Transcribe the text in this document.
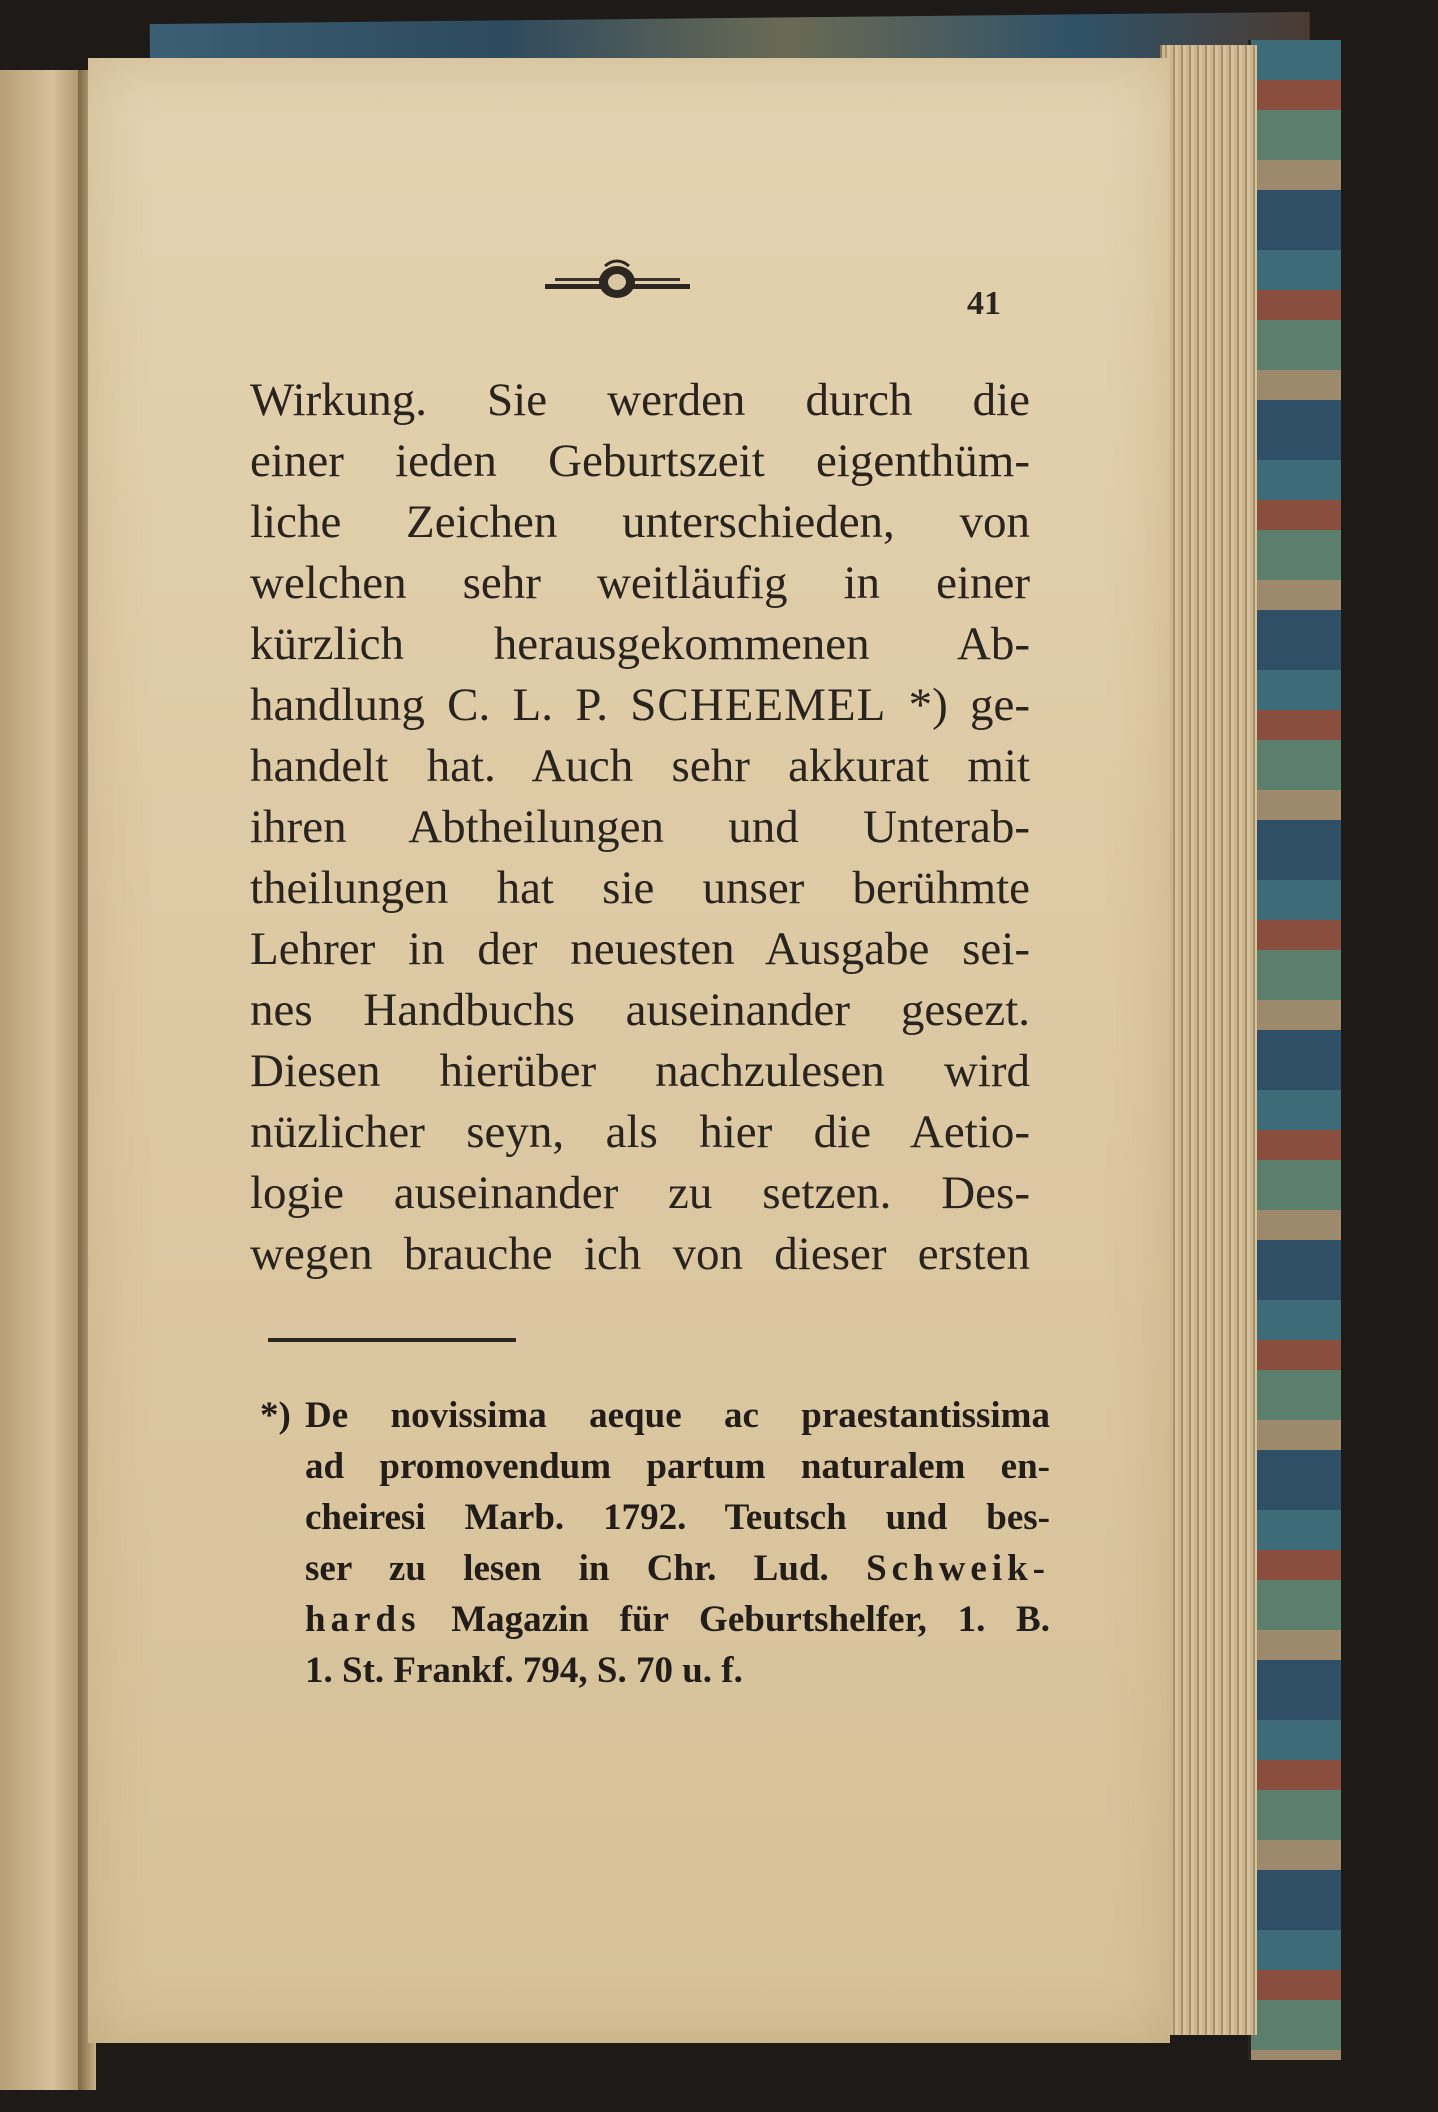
41
Wirkung. Sie werden durch die
einer ieden Geburtszeit eigenthüm-
liche Zeichen unterschieden, von
welchen sehr weitläufig in einer
kürzlich herausgekommenen Ab-
handlung C. L. P. SCHEEMEL *) ge-
handelt hat. Auch sehr akkurat mit
ihren Abtheilungen und Unterab-
theilungen hat sie unser berühmte
Lehrer in der neuesten Ausgabe sei-
nes Handbuchs auseinander gesezt.
Diesen hierüber nachzulesen wird
nüzlicher seyn, als hier die Aetio-
logie auseinander zu setzen. Des-
wegen brauche ich von dieser ersten
*) De novissima aeque ac praestantissima
ad promovendum partum naturalem en-
cheiresi Marb. 1792. Teutsch und bes-
ser zu lesen in Chr. Lud. Schweik-
hards Magazin für Geburtshelfer, 1. B.
1. St. Frankf. 794, S. 70 u. f.
